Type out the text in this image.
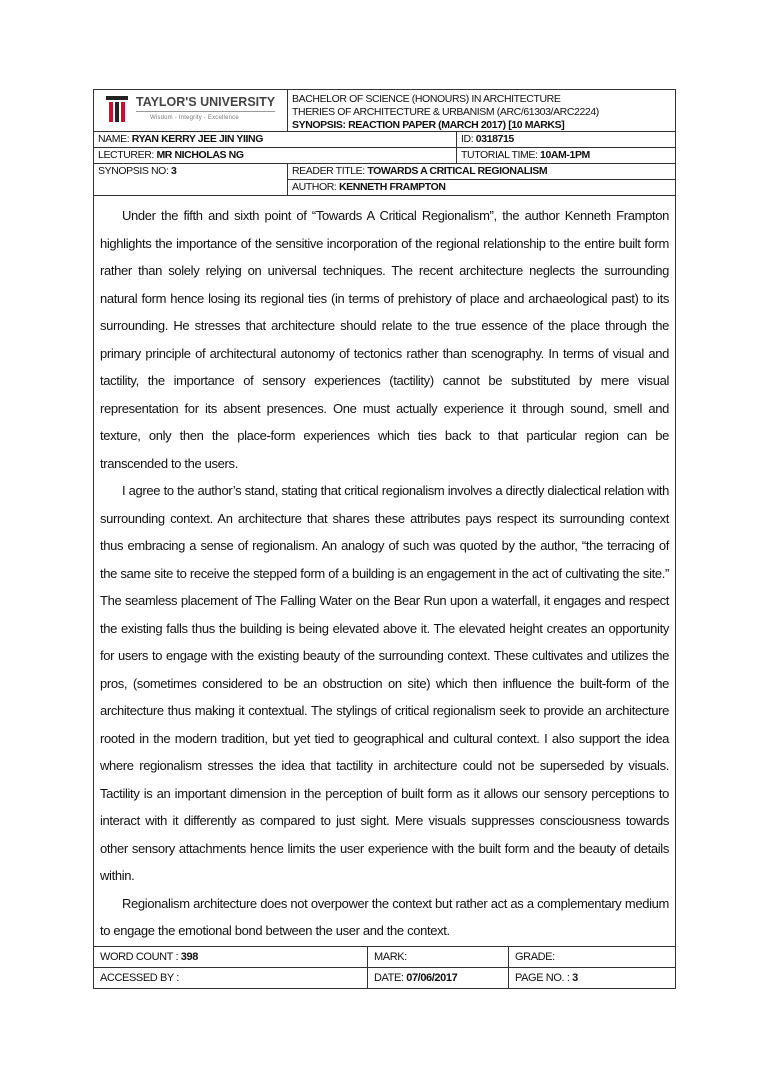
TAYLOR'S UNIVERSITY
Wisdom - Integrity - Excellence
BACHELOR OF SCIENCE (HONOURS) IN ARCHITECTURE
THERIES OF ARCHITECTURE & URBANISM (ARC/61303/ARC2224)
SYNOPSIS: REACTION PAPER (MARCH 2017) [10 MARKS]
NAME: RYAN KERRY JEE JIN YIING	ID: 0318715
LECTURER: MR NICHOLAS NG	TUTORIAL TIME: 10AM-1PM
SYNOPSIS NO: 3	READER TITLE: TOWARDS A CRITICAL REGIONALISM
AUTHOR: KENNETH FRAMPTON

Under the fifth and sixth point of “Towards A Critical Regionalism”, the author Kenneth Frampton highlights the importance of the sensitive incorporation of the regional relationship to the entire built form rather than solely relying on universal techniques. The recent architecture neglects the surrounding natural form hence losing its regional ties (in terms of prehistory of place and archaeological past) to its surrounding. He stresses that architecture should relate to the true essence of the place through the primary principle of architectural autonomy of tectonics rather than scenography. In terms of visual and tactility, the importance of sensory experiences (tactility) cannot be substituted by mere visual representation for its absent presences. One must actually experience it through sound, smell and texture, only then the place-form experiences which ties back to that particular region can be transcended to the users.

I agree to the author’s stand, stating that critical regionalism involves a directly dialectical relation with surrounding context. An architecture that shares these attributes pays respect its surrounding context thus embracing a sense of regionalism. An analogy of such was quoted by the author, “the terracing of the same site to receive the stepped form of a building is an engagement in the act of cultivating the site.” The seamless placement of The Falling Water on the Bear Run upon a waterfall, it engages and respect the existing falls thus the building is being elevated above it. The elevated height creates an opportunity for users to engage with the existing beauty of the surrounding context. These cultivates and utilizes the pros, (sometimes considered to be an obstruction on site) which then influence the built-form of the architecture thus making it contextual. The stylings of critical regionalism seek to provide an architecture rooted in the modern tradition, but yet tied to geographical and cultural context. I also support the idea where regionalism stresses the idea that tactility in architecture could not be superseded by visuals. Tactility is an important dimension in the perception of built form as it allows our sensory perceptions to interact with it differently as compared to just sight. Mere visuals suppresses consciousness towards other sensory attachments hence limits the user experience with the built form and the beauty of details within.

Regionalism architecture does not overpower the context but rather act as a complementary medium to engage the emotional bond between the user and the context.

WORD COUNT : 398	MARK:	GRADE:
ACCESSED BY :	DATE: 07/06/2017	PAGE NO. : 3
